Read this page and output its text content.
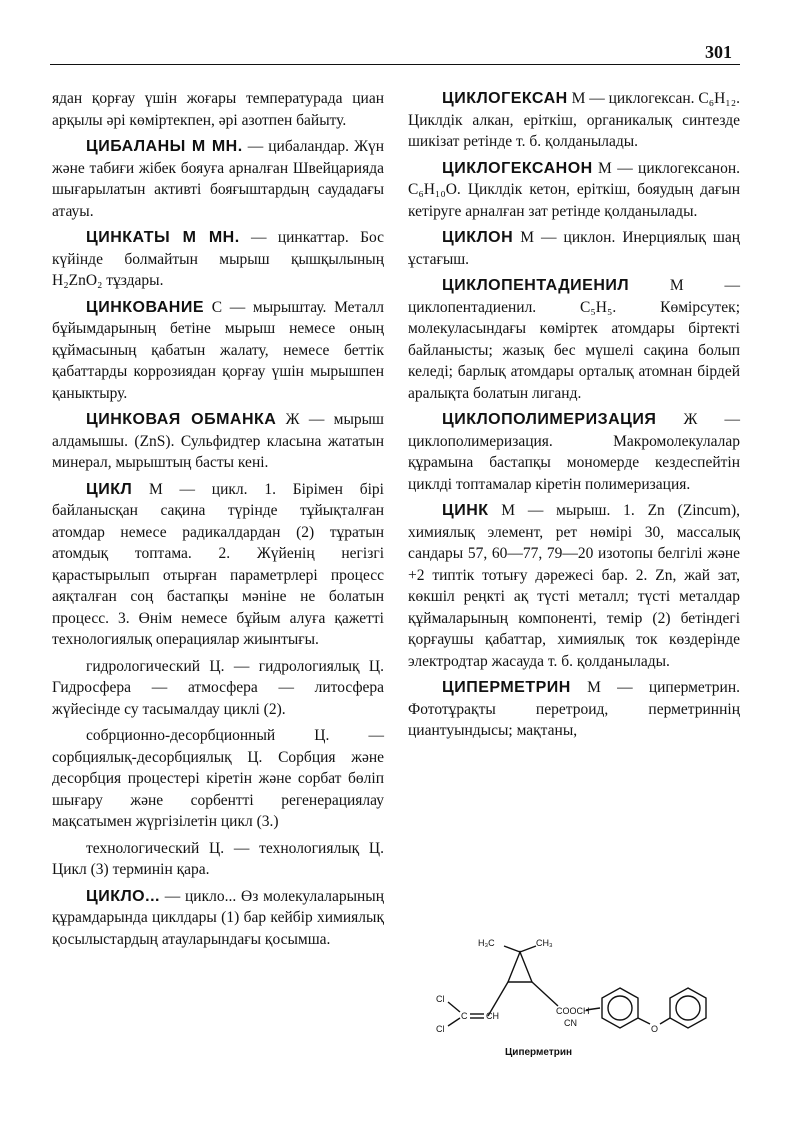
301

ядан қорғау үшін жоғары температурада циан арқылы әрі көміртекпен, әрі азотпен байыту.

ЦИБАЛАНЫ М МН. — цибаландар. Жүн және табиғи жібек бояуға арналған Швейцарияда шығарылатын активті бояғыштардың саудадағы атауы.

ЦИНКАТЫ М МН. — цинкаттар. Бос күйінде болмайтын мырыш қышқылының H₂ZnO₂ тұздары.

ЦИНКОВАНИЕ С — мырыштау. Металл бұйымдарының бетіне мырыш немесе оның құймасының қабатын жалату, немесе беттік қабаттарды коррозиядан қорғау үшін мырышпен қаныктыру.

ЦИНКОВАЯ ОБМАНКА Ж — мырыш алдамышы. (ZnS). Сульфидтер класына жататын минерал, мырыштың басты кені.

ЦИКЛ М — цикл. 1. Бірімен бірі байланысқан сақина түрінде тұйықталған атомдар немесе радикалдардан (2) тұратын атомдық топтама. 2. Жүйенің негізгі қарастырылып отырған параметрлері процесс аяқталған соң бастапқы мәніне не болатын процесс. 3. Өнім немесе бұйым алуға қажетті технологиялық операциялар жиынтығы.

гидрологический Ц. — гидрологиялық Ц. Гидросфера — атмосфера — литосфера жүйесінде су тасымалдау циклі (2).

собрционно-десорбционный Ц. — сорбциялық-десорбциялық Ц. Сорбция және десорбция процестері кіретін және сорбат бөліп шығару және сорбентті регенерациялау мақсатымен жүргізілетін цикл (3.)

технологический Ц. — технологиялық Ц. Цикл (3) терминін қара.

ЦИКЛО... — цикло... Өз молекулаларының құрамдарында циклдары (1) бар кейбір химиялық қосылыстардың атауларындағы қосымша.

ЦИКЛОГЕКСАН М — циклогексан. C₆H₁₂. Циклдік алкан, еріткіш, органикалық синтезде шикізат ретінде т. б. қолданылады.

ЦИКЛОГЕКСАНОН М — циклогексанон. C₆H₁₀O. Циклдік кетон, еріткіш, бояудың дағын кетіруге арналған зат ретінде қолданылады.

ЦИКЛОН М — циклон. Инерциялық шаң ұстағыш.

ЦИКЛОПЕНТАДИЕНИЛ М — циклопентадиенил. C₅H₅. Көмірсутек; молекуласындағы көміртек атомдары біртекті байланысты; жазық бес мүшелі сақина болып келеді; барлық атомдары орталық атомнан бірдей аралықта болатын лиганд.

ЦИКЛОПОЛИМЕРИЗАЦИЯ Ж — циклополимеризация. Макромолекулалар құрамына бастапқы мономерде кездеспейтін циклді топтамалар кіретін полимеризация.

ЦИНК М — мырыш. 1. Zn (Zincum), химиялық элемент, рет нөмірі 30, массалық сандары 57, 60—77, 79—20 изотопы белгілі және +2 типтік тотығу дәрежесі бар. 2. Zn, жай зат, көкшіл реңкті ақ түсті металл; түсті металдар құймаларының компоненті, темір (2) бетіндегі қорғаушы қабаттар, химиялық ток көздерінде электродтар жасауда т. б. қолданылады.

ЦИПЕРМЕТРИН М — циперметрин. Фототұрақты перетроид, перметриннің циантуындысы; мақтаны,

H₃C	CH₃
Cl
Cl
C CH	COOCH
CN
O
Циперметрин
